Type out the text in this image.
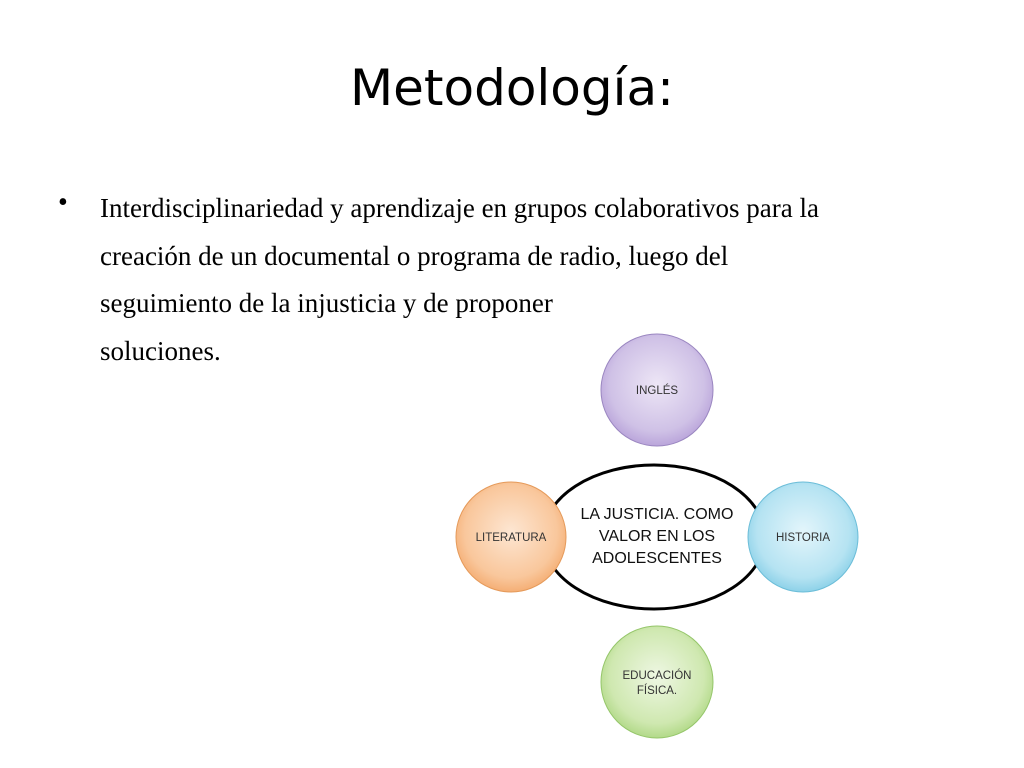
Metodología:
• Interdisciplinariedad y aprendizaje en grupos colaborativos para la
creación de un documental o programa de radio, luego del
seguimiento de la injusticia y de proponer
soluciones.
LA JUSTICIA. COMO
VALOR EN LOS
ADOLESCENTES
INGLÉS
LITERATURA	HISTORIA
EDUCACIÓN
FÍSICA.
